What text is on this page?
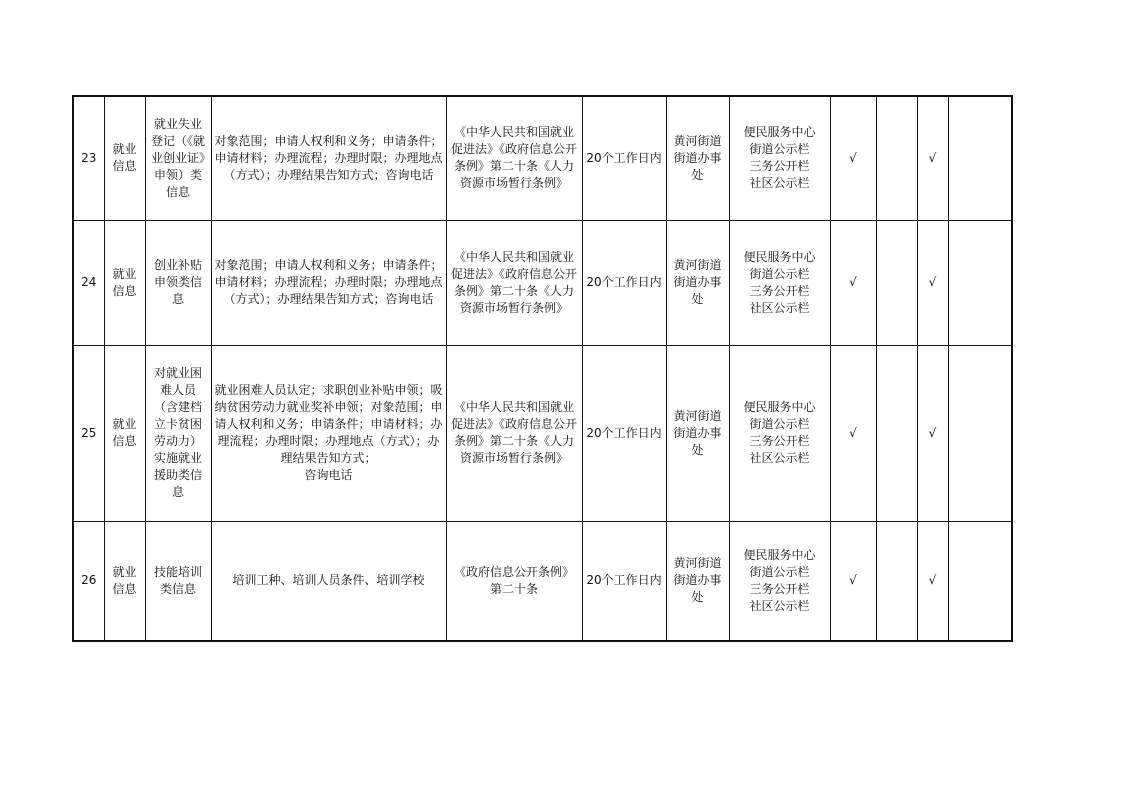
23	就业信息	就业失业登记（《就业创业证》申领）类信息	对象范围；申请人权利和义务；申请条件；申请材料；办理流程；办理时限；办理地点（方式）；办理结果告知方式；咨询电话	《中华人民共和国就业促进法》《政府信息公开条例》第二十条《人力资源市场暂行条例》	20个工作日内	黄河街道街道办事处	便民服务中心
街道公示栏
三务公开栏
社区公示栏	√		√	
24	就业信息	创业补贴申领类信息	对象范围；申请人权利和义务；申请条件；申请材料；办理流程；办理时限；办理地点（方式）；办理结果告知方式；咨询电话	《中华人民共和国就业促进法》《政府信息公开条例》第二十条《人力资源市场暂行条例》	20个工作日内	黄河街道街道办事处	便民服务中心
街道公示栏
三务公开栏
社区公示栏	√		√	
25	就业信息	对就业困难人员（含建档立卡贫困劳动力）实施就业援助类信息	就业困难人员认定；求职创业补贴申领；吸纳贫困劳动力就业奖补申领；对象范围；申请人权利和义务；申请条件；申请材料；办理流程；办理时限；办理地点（方式）；办理结果告知方式；
咨询电话	《中华人民共和国就业促进法》《政府信息公开条例》第二十条《人力资源市场暂行条例》	20个工作日内	黄河街道街道办事处	便民服务中心
街道公示栏
三务公开栏
社区公示栏	√		√	
26	就业信息	技能培训类信息	培训工种、培训人员条件、培训学校	《政府信息公开条例》第二十条	20个工作日内	黄河街道街道办事处	便民服务中心
街道公示栏
三务公开栏
社区公示栏	√		√	
